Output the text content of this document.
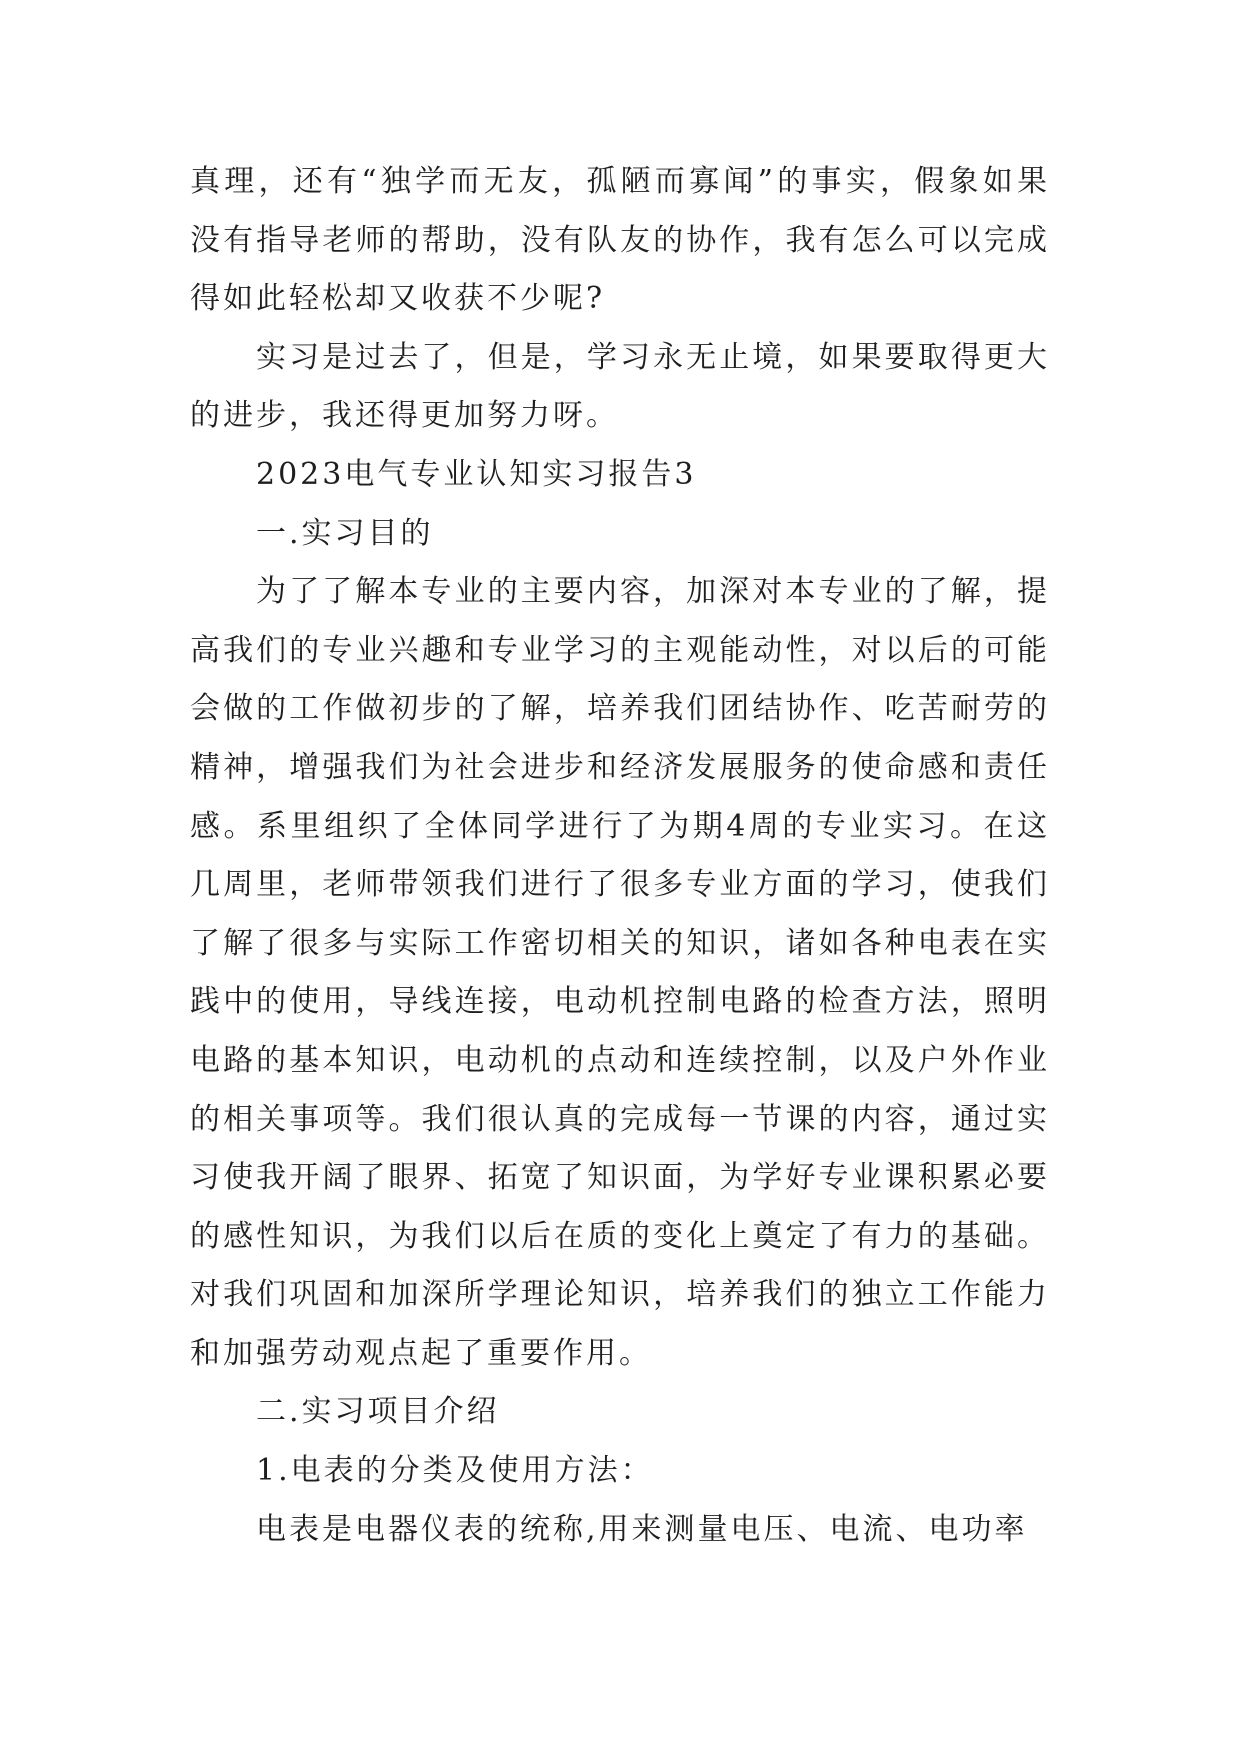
真理，还有“独学而无友，孤陋而寡闻”的事实，假象如果没有指导老师的帮助，没有队友的协作，我有怎么可以完成得如此轻松却又收获不少呢?

实习是过去了，但是，学习永无止境，如果要取得更大的进步，我还得更加努力呀。

2023电气专业认知实习报告3

一.实习目的

为了了解本专业的主要内容，加深对本专业的了解，提高我们的专业兴趣和专业学习的主观能动性，对以后的可能会做的工作做初步的了解，培养我们团结协作、吃苦耐劳的精神，增强我们为社会进步和经济发展服务的使命感和责任感。系里组织了全体同学进行了为期4周的专业实习。在这几周里，老师带领我们进行了很多专业方面的学习，使我们了解了很多与实际工作密切相关的知识，诸如各种电表在实践中的使用，导线连接，电动机控制电路的检查方法，照明电路的基本知识，电动机的点动和连续控制，以及户外作业的相关事项等。我们很认真的完成每一节课的内容，通过实习使我开阔了眼界、拓宽了知识面，为学好专业课积累必要的感性知识，为我们以后在质的变化上奠定了有力的基础。对我们巩固和加深所学理论知识，培养我们的独立工作能力和加强劳动观点起了重要作用。

二.实习项目介绍

1.电表的分类及使用方法：

电表是电器仪表的统称,用来测量电压、电流、电功率
